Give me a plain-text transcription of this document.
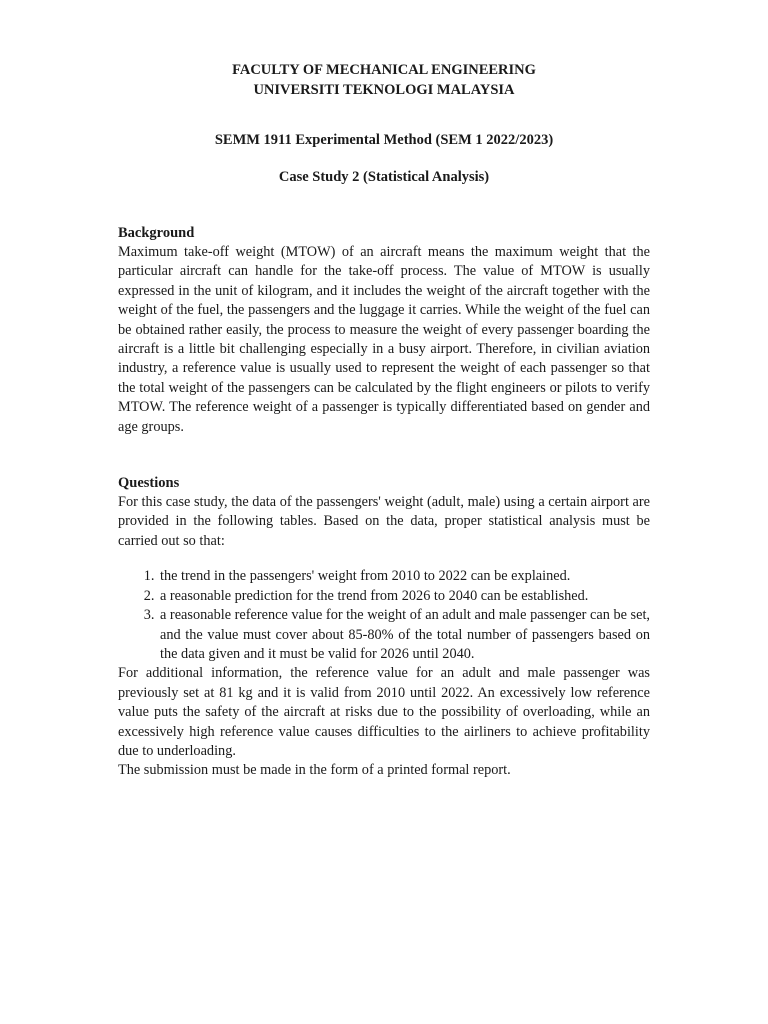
FACULTY OF MECHANICAL ENGINEERING

UNIVERSITI TEKNOLOGI MALAYSIA

SEMM 1911 Experimental Method (SEM 1 2022/2023)

Case Study 2 (Statistical Analysis)

Background

Maximum take-off weight (MTOW) of an aircraft means the maximum weight that the particular aircraft can handle for the take-off process. The value of MTOW is usually expressed in the unit of kilogram, and it includes the weight of the aircraft together with the weight of the fuel, the passengers and the luggage it carries. While the weight of the fuel can be obtained rather easily, the process to measure the weight of every passenger boarding the aircraft is a little bit challenging especially in a busy airport. Therefore, in civilian aviation industry, a reference value is usually used to represent the weight of each passenger so that the total weight of the passengers can be calculated by the flight engineers or pilots to verify MTOW. The reference weight of a passenger is typically differentiated based on gender and age groups.

Questions

For this case study, the data of the passengers' weight (adult, male) using a certain airport are provided in the following tables. Based on the data, proper statistical analysis must be carried out so that:

1. the trend in the passengers' weight from 2010 to 2022 can be explained.
2. a reasonable prediction for the trend from 2026 to 2040 can be established.
3. a reasonable reference value for the weight of an adult and male passenger can be set, and the value must cover about 85-80% of the total number of passengers based on the data given and it must be valid for 2026 until 2040.

For additional information, the reference value for an adult and male passenger was previously set at 81 kg and it is valid from 2010 until 2022. An excessively low reference value puts the safety of the aircraft at risks due to the possibility of overloading, while an excessively high reference value causes difficulties to the airliners to achieve profitability due to underloading.

The submission must be made in the form of a printed formal report.
